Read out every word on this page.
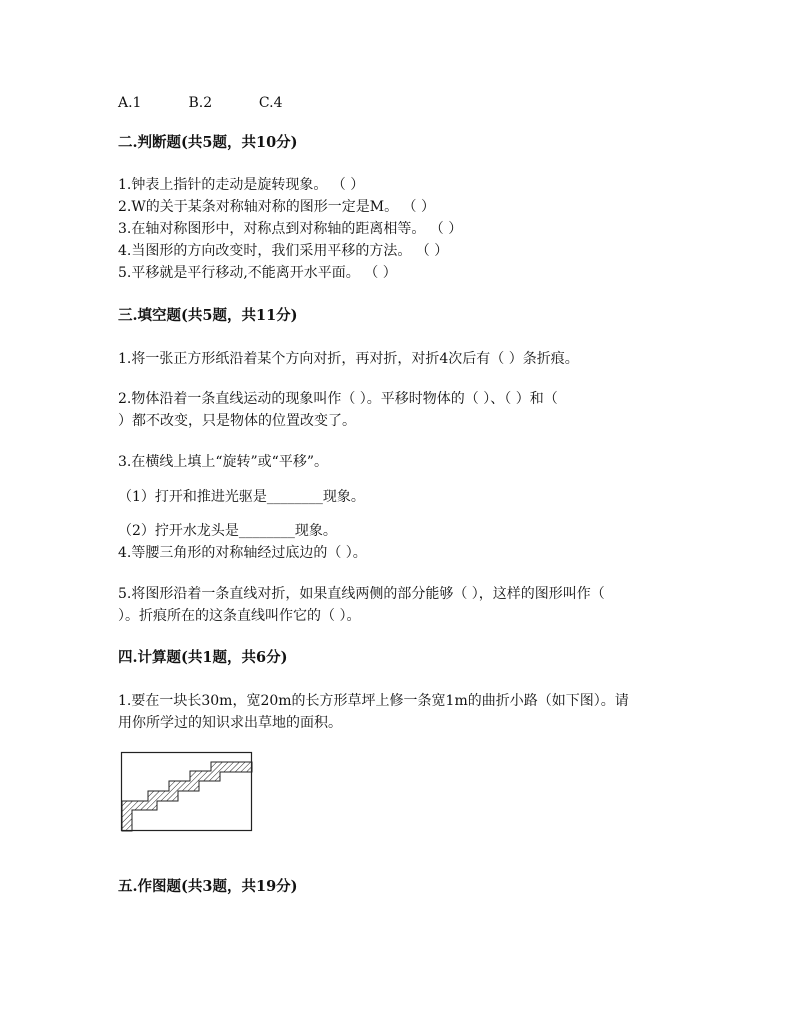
A.1	B.2	C.4
二.判断题(共5题，共10分)
1.钟表上指针的走动是旋转现象。 （ ）
2.W的关于某条对称轴对称的图形一定是M。 （ ）
3.在轴对称图形中，对称点到对称轴的距离相等。 （ ）
4.当图形的方向改变时，我们采用平移的方法。 （ ）
5.平移就是平行移动,不能离开水平面。 （ ）
三.填空题(共5题，共11分)
1.将一张正方形纸沿着某个方向对折，再对折，对折4次后有（ ）条折痕。
2.物体沿着一条直线运动的现象叫作（ ）。平移时物体的（ ）、（ ）和（
）都不改变，只是物体的位置改变了。
3.在横线上填上“旋转”或“平移”。
（1）打开和推进光驱是________现象。
（2）拧开水龙头是________现象。
4.等腰三角形的对称轴经过底边的（ ）。
5.将图形沿着一条直线对折，如果直线两侧的部分能够（ ），这样的图形叫作（
）。折痕所在的这条直线叫作它的（ ）。
四.计算题(共1题，共6分)
1.要在一块长30m，宽20m的长方形草坪上修一条宽1m的曲折小路（如下图）。请
用你所学过的知识求出草地的面积。
五.作图题(共3题，共19分)
